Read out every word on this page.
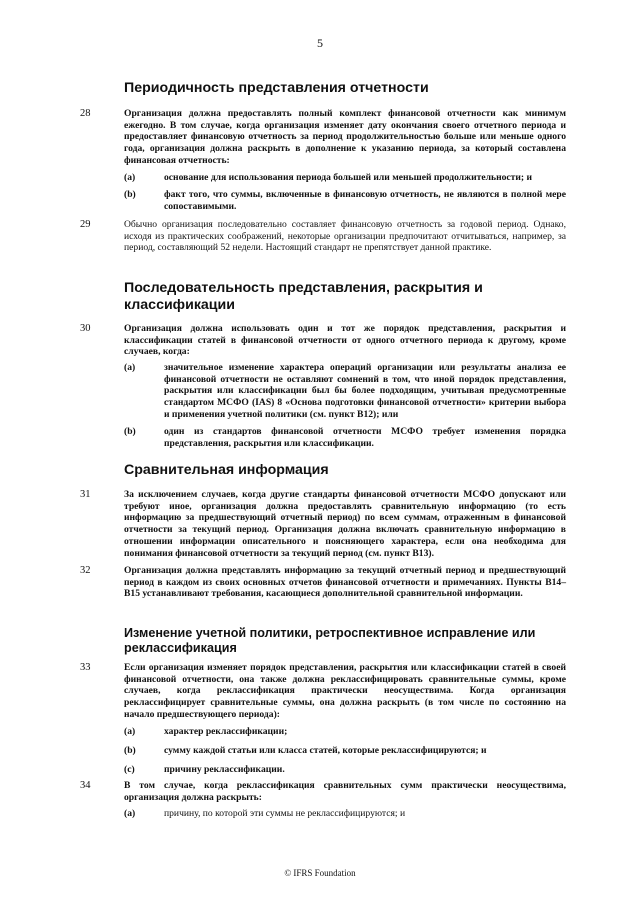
5
Периодичность представления отчетности
28	Организация должна предоставлять полный комплект финансовой отчетности как минимум ежегодно. В том случае, когда организация изменяет дату окончания своего отчетного периода и предоставляет финансовую отчетность за период продолжительностью больше или меньше одного года, организация должна раскрыть в дополнение к указанию периода, за который составлена финансовая отчетность:
(a)	основание для использования периода большей или меньшей продолжительности; и
(b)	факт того, что суммы, включенные в финансовую отчетность, не являются в полной мере сопоставимыми.
29	Обычно организация последовательно составляет финансовую отчетность за годовой период. Однако, исходя из практических соображений, некоторые организации предпочитают отчитываться, например, за период, составляющий 52 недели. Настоящий стандарт не препятствует данной практике.
Последовательность представления, раскрытия и классификации
30	Организация должна использовать один и тот же порядок представления, раскрытия и классификации статей в финансовой отчетности от одного отчетного периода к другому, кроме случаев, когда:
(a)	значительное изменение характера операций организации или результаты анализа ее финансовой отчетности не оставляют сомнений в том, что иной порядок представления, раскрытия или классификации был бы более подходящим, учитывая предусмотренные стандартом МСФО (IAS) 8 «Основа подготовки финансовой отчетности» критерии выбора и применения учетной политики (см. пункт B12); или
(b)	один из стандартов финансовой отчетности МСФО требует изменения порядка представления, раскрытия или классификации.
Сравнительная информация
31	За исключением случаев, когда другие стандарты финансовой отчетности МСФО допускают или требуют иное, организация должна предоставлять сравнительную информацию (то есть информацию за предшествующий отчетный период) по всем суммам, отраженным в финансовой отчетности за текущий период. Организация должна включать сравнительную информацию в отношении информации описательного и поясняющего характера, если она необходима для понимания финансовой отчетности за текущий период (см. пункт B13).
32	Организация должна представлять информацию за текущий отчетный период и предшествующий период в каждом из своих основных отчетов финансовой отчетности и примечаниях. Пункты B14–B15 устанавливают требования, касающиеся дополнительной сравнительной информации.
Изменение учетной политики, ретроспективное исправление или реклассификация
33	Если организация изменяет порядок представления, раскрытия или классификации статей в своей финансовой отчетности, она также должна реклассифицировать сравнительные суммы, кроме случаев, когда реклассификация практически неосуществима. Когда организация реклассифицирует сравнительные суммы, она должна раскрыть (в том числе по состоянию на начало предшествующего периода):
(a)	характер реклассификации;
(b)	сумму каждой статьи или класса статей, которые реклассифицируются; и
(c)	причину реклассификации.
34	В том случае, когда реклассификация сравнительных сумм практически неосуществима, организация должна раскрыть:
(a)	причину, по которой эти суммы не реклассифицируются; и
© IFRS Foundation
